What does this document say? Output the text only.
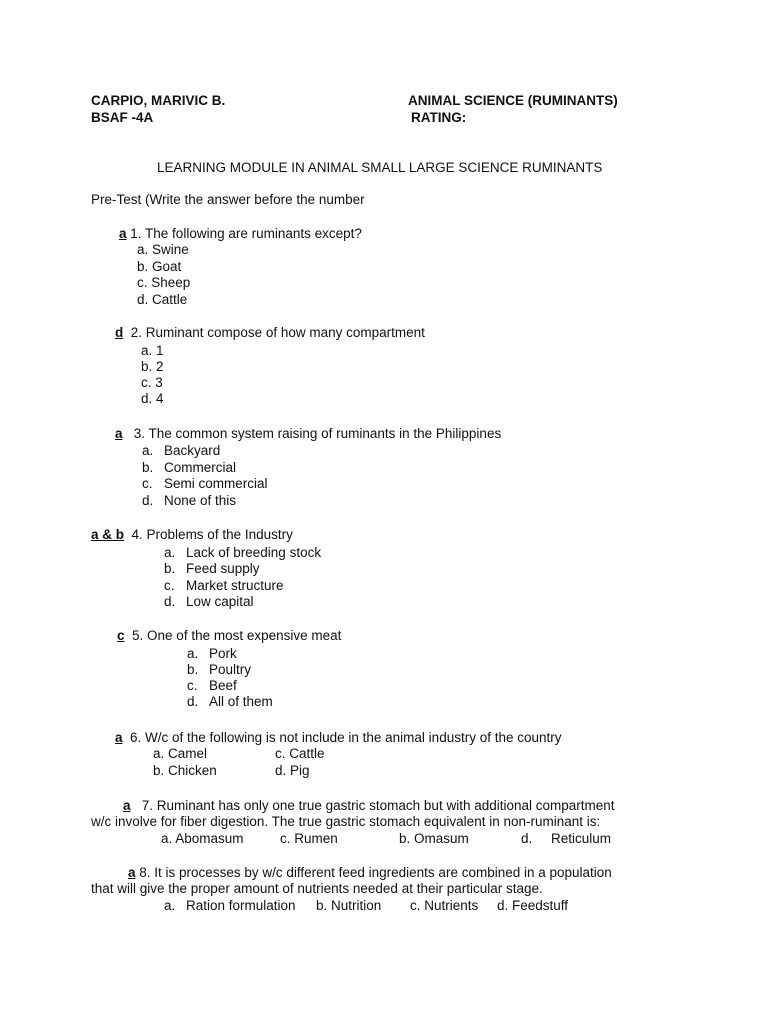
CARPIO, MARIVIC B.
BSAF -4A
ANIMAL SCIENCE (RUMINANTS)
RATING:
LEARNING MODULE IN ANIMAL SMALL LARGE SCIENCE RUMINANTS
Pre-Test (Write the answer before the number
a 1. The following are ruminants except?
a. Swine
b. Goat
c. Sheep
d. Cattle
d 2. Ruminant compose of how many compartment
a. 1
b. 2
c. 3
d. 4
a 3. The common system raising of ruminants in the Philippines
a. Backyard
b. Commercial
c. Semi commercial
d. None of this
a & b 4. Problems of the Industry
a. Lack of breeding stock
b. Feed supply
c. Market structure
d. Low capital
c 5. One of the most expensive meat
a. Pork
b. Poultry
c. Beef
d. All of them
a 6. W/c of the following is not include in the animal industry of the country
a. Camel	c. Cattle
b. Chicken	d. Pig
a 7. Ruminant has only one true gastric stomach but with additional compartment
w/c involve for fiber digestion. The true gastric stomach equivalent in non-ruminant is:
a. Abomasum	c. Rumen	b. Omasum	d. Reticulum
a 8. It is processes by w/c different feed ingredients are combined in a population
that will give the proper amount of nutrients needed at their particular stage.
a. Ration formulation b. Nutrition c. Nutrients d. Feedstuff
